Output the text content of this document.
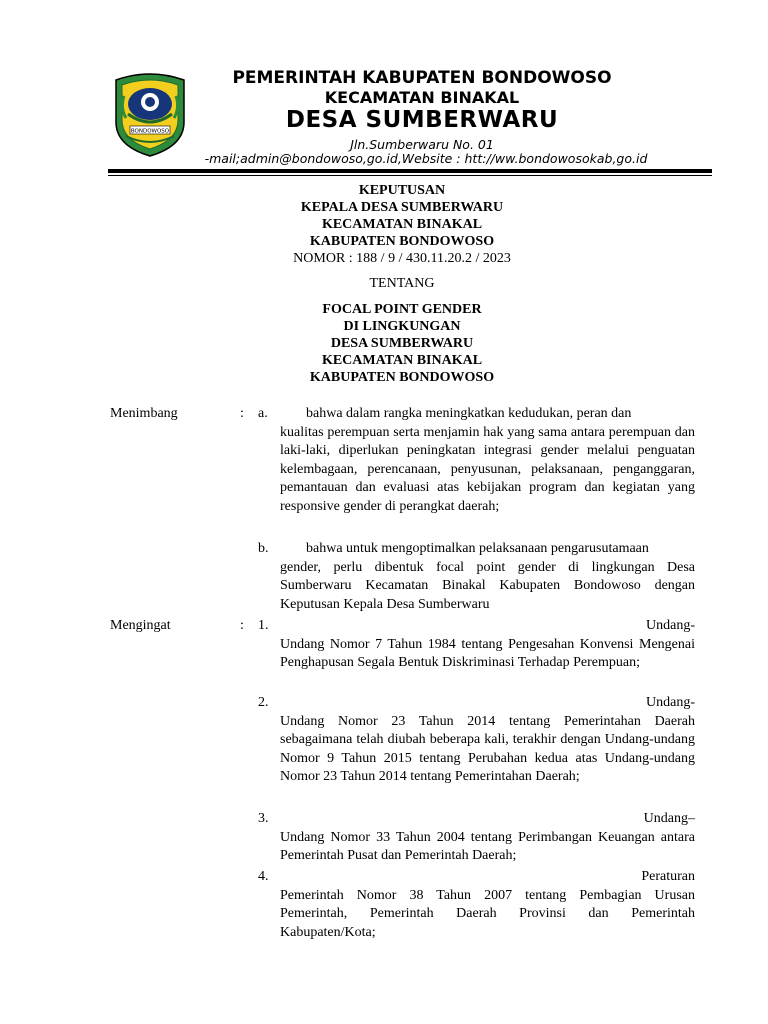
BONDOWOSO
PEMERINTAH KABUPATEN BONDOWOSO
KECAMATAN BINAKAL
DESA SUMBERWARU
Jln.Sumberwaru No. 01
-mail;admin@bondowoso,go.id,Website : htt://ww.bondowosokab,go.id
KEPUTUSAN
KEPALA DESA SUMBERWARU
KECAMATAN BINAKAL
KABUPATEN BONDOWOSO
NOMOR : 188 / 9 / 430.11.20.2 / 2023
TENTANG
FOCAL POINT GENDER
DI LINGKUNGAN
DESA SUMBERWARU
KECAMATAN BINAKAL
KABUPATEN BONDOWOSO
Menimbang	: a.	bahwa dalam rangka meningkatkan kedudukan, peran dan
kualitas perempuan serta menjamin hak yang sama antara perempuan dan laki-laki, diperlukan peningkatan integrasi gender melalui penguatan kelembagaan, perencanaan, penyusunan, pelaksanaan, penganggaran, pemantauan dan evaluasi atas kebijakan program dan kegiatan yang responsive gender di perangkat daerah;
b.	bahwa untuk mengoptimalkan pelaksanaan pengarusutamaan
gender, perlu dibentuk focal point gender di lingkungan Desa Sumberwaru Kecamatan Binakal Kabupaten Bondowoso dengan Keputusan Kepala Desa Sumberwaru
Mengingat	: 1.	Undang-
Undang Nomor 7 Tahun 1984 tentang Pengesahan Konvensi Mengenai Penghapusan Segala Bentuk Diskriminasi Terhadap Perempuan;
2.	Undang-
Undang Nomor 23 Tahun 2014 tentang Pemerintahan Daerah sebagaimana telah diubah beberapa kali, terakhir dengan Undang-undang Nomor 9 Tahun 2015 tentang Perubahan kedua atas Undang-undang Nomor 23 Tahun 2014 tentang Pemerintahan Daerah;
3.	Undang–
Undang Nomor 33 Tahun 2004 tentang Perimbangan Keuangan antara Pemerintah Pusat dan Pemerintah Daerah;
4.	Peraturan
Pemerintah Nomor 38 Tahun 2007 tentang Pembagian Urusan Pemerintah, Pemerintah Daerah Provinsi dan Pemerintah Kabupaten/Kota;
